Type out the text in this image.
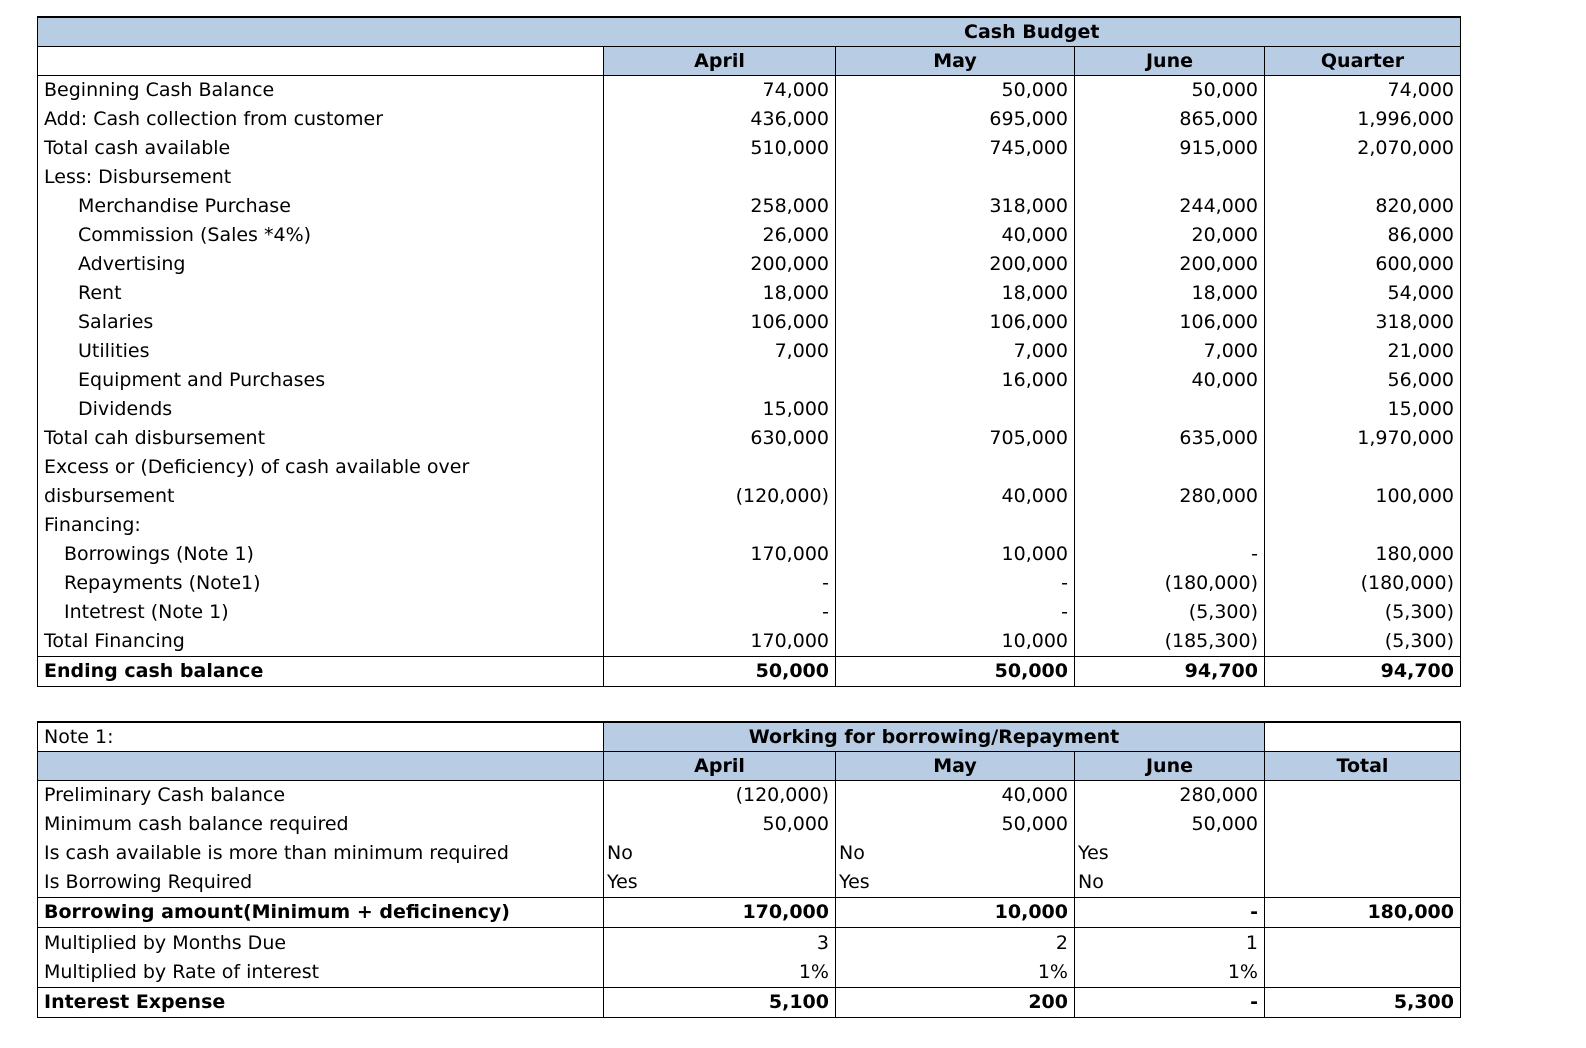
	Cash Budget			
	April	May	June	Quarter
Beginning Cash Balance	74,000	50,000	50,000	74,000
Add: Cash collection from customer	436,000	695,000	865,000	1,996,000
Total cash available	510,000	745,000	915,000	2,070,000
Less: Disbursement				
Merchandise Purchase	258,000	318,000	244,000	820,000
Commission (Sales *4%)	26,000	40,000	20,000	86,000
Advertising	200,000	200,000	200,000	600,000
Rent	18,000	18,000	18,000	54,000
Salaries	106,000	106,000	106,000	318,000
Utilities	7,000	7,000	7,000	21,000
Equipment and Purchases		16,000	40,000	56,000
Dividends	15,000			15,000
Total cah disbursement	630,000	705,000	635,000	1,970,000
Excess or (Deficiency) of cash available over				
disbursement	(120,000)	40,000	280,000	100,000
Financing:				
Borrowings (Note 1)	170,000	10,000	-	180,000
Repayments (Note1)	-	-	(180,000)	(180,000)
Intetrest (Note 1)	-	-	(5,300)	(5,300)
Total Financing	170,000	10,000	(185,300)	(5,300)
Ending cash balance	50,000	50,000	94,700	94,700
Note 1:	Working for borrowing/Repayment			
	April	May	June	Total
Preliminary Cash balance	(120,000)	40,000	280,000	
Minimum cash balance required	50,000	50,000	50,000	
Is cash available is more than minimum required	No	No	Yes	
Is Borrowing Required	Yes	Yes	No	
Borrowing amount(Minimum + deficinency)	170,000	10,000	-	180,000
Multiplied by Months Due	3	2	1	
Multiplied by Rate of interest	1%	1%	1%	
Interest Expense	5,100	200	-	5,300
